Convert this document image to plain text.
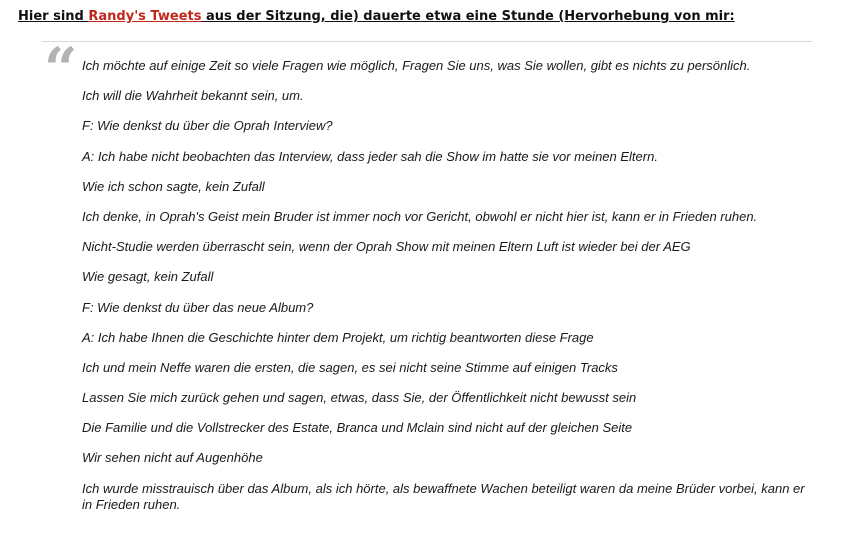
Hier sind Randy's Tweets aus der Sitzung, die) dauerte etwa eine Stunde (Hervorhebung von mir:
“ Ich möchte auf einige Zeit so viele Fragen wie möglich, Fragen Sie uns, was Sie wollen, gibt es nichts zu persönlich.
Ich will die Wahrheit bekannt sein, um.
F: Wie denkst du über die Oprah Interview?
A: Ich habe nicht beobachten das Interview, dass jeder sah die Show im hatte sie vor meinen Eltern.
Wie ich schon sagte, kein Zufall
Ich denke, in Oprah's Geist mein Bruder ist immer noch vor Gericht, obwohl er nicht hier ist, kann er in Frieden ruhen.
Nicht-Studie werden überrascht sein, wenn der Oprah Show mit meinen Eltern Luft ist wieder bei der AEG
Wie gesagt, kein Zufall
F: Wie denkst du über das neue Album?
A: Ich habe Ihnen die Geschichte hinter dem Projekt, um richtig beantworten diese Frage
Ich und mein Neffe waren die ersten, die sagen, es sei nicht seine Stimme auf einigen Tracks
Lassen Sie mich zurück gehen und sagen, etwas, dass Sie, der Öffentlichkeit nicht bewusst sein
Die Familie und die Vollstrecker des Estate, Branca und Mclain sind nicht auf der gleichen Seite
Wir sehen nicht auf Augenhöhe
Ich wurde misstrauisch über das Album, als ich hörte, als bewaffnete Wachen beteiligt waren da meine Brüder vorbei, kann er in Frieden ruhen.
